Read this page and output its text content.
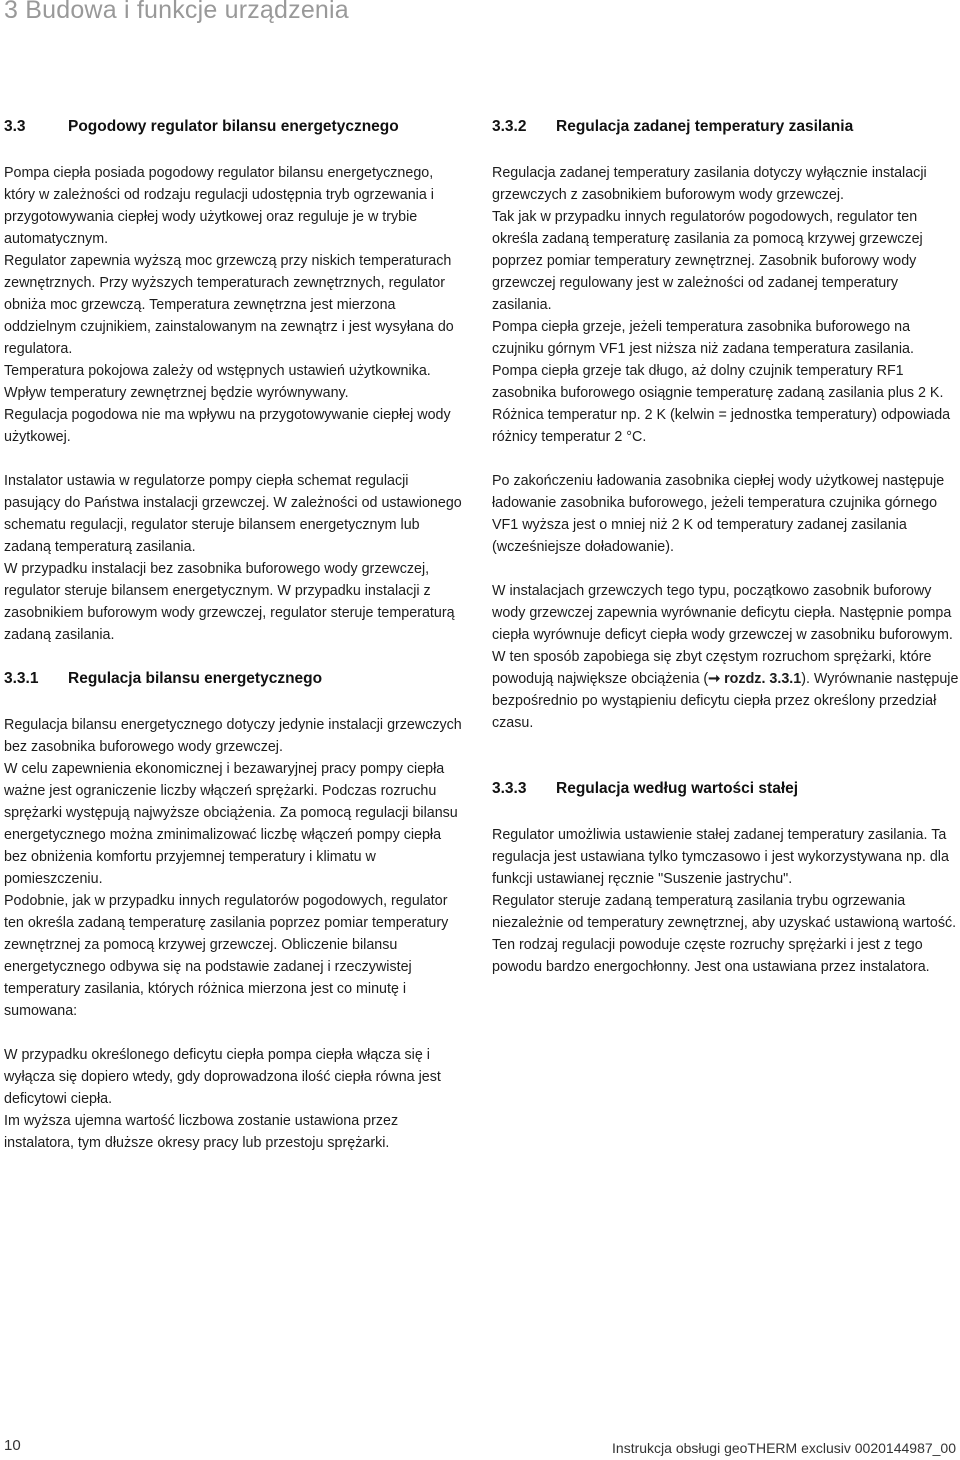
3 Budowa i funkcje urządzenia
3.3	Pogodowy regulator bilansu energetycznego

Pompa ciepła posiada pogodowy regulator bilansu energetycznego, który w zależności od rodzaju regulacji udostępnia tryb ogrzewania i przygotowywania ciepłej wody użytkowej oraz reguluje je w trybie automatycznym.

Regulator zapewnia wyższą moc grzewczą przy niskich temperaturach zewnętrznych. Przy wyższych temperaturach zewnętrznych, regulator obniża moc grzewczą. Temperatura zewnętrzna jest mierzona oddzielnym czujnikiem, zainstalowanym na zewnątrz i jest wysyłana do regulatora.

Temperatura pokojowa zależy od wstępnych ustawień użytkownika. Wpływ temperatury zewnętrznej będzie wyrównywany.

Regulacja pogodowa nie ma wpływu na przygotowywanie ciepłej wody użytkowej.

Instalator ustawia w regulatorze pompy ciepła schemat regulacji pasujący do Państwa instalacji grzewczej. W zależności od ustawionego schematu regulacji, regulator steruje bilansem energetycznym lub zadaną temperaturą zasilania.

W przypadku instalacji bez zasobnika buforowego wody grzewczej, regulator steruje bilansem energetycznym. W przypadku instalacji z zasobnikiem buforowym wody grzewczej, regulator steruje temperaturą zadaną zasilania.

3.3.1 Regulacja bilansu energetycznego

Regulacja bilansu energetycznego dotyczy jedynie instalacji grzewczych bez zasobnika buforowego wody grzewczej.

W celu zapewnienia ekonomicznej i bezawaryjnej pracy pompy ciepła ważne jest ograniczenie liczby włączeń sprężarki. Podczas rozruchu sprężarki występują najwyższe obciążenia. Za pomocą regulacji bilansu energetycznego można zminimalizować liczbę włączeń pompy ciepła bez obniżenia komfortu przyjemnej temperatury i klimatu w pomieszczeniu.

Podobnie, jak w przypadku innych regulatorów pogodowych, regulator ten określa zadaną temperaturę zasilania poprzez pomiar temperatury zewnętrznej za pomocą krzywej grzewczej. Obliczenie bilansu energetycznego odbywa się na podstawie zadanej i rzeczywistej temperatury zasilania, których różnica mierzona jest co minutę i sumowana:

W przypadku określonego deficytu ciepła pompa ciepła włącza się i wyłącza się dopiero wtedy, gdy doprowadzona ilość ciepła równa jest deficytowi ciepła.

Im wyższa ujemna wartość liczbowa zostanie ustawiona przez instalatora, tym dłuższe okresy pracy lub przestoju sprężarki.

3.3.2 Regulacja zadanej temperatury zasilania

Regulacja zadanej temperatury zasilania dotyczy wyłącznie instalacji grzewczych z zasobnikiem buforowym wody grzewczej.

Tak jak w przypadku innych regulatorów pogodowych, regulator ten określa zadaną temperaturę zasilania za pomocą krzywej grzewczej poprzez pomiar temperatury zewnętrznej. Zasobnik buforowy wody grzewczej regulowany jest w zależności od zadanej temperatury zasilania.

Pompa ciepła grzeje, jeżeli temperatura zasobnika buforowego na czujniku górnym VF1 jest niższa niż zadana temperatura zasilania. Pompa ciepła grzeje tak długo, aż dolny czujnik temperatury RF1 zasobnika buforowego osiągnie temperaturę zadaną zasilania plus 2 K.

Różnica temperatur np. 2 K (kelwin = jednostka temperatury) odpowiada różnicy temperatur 2 °C.

Po zakończeniu ładowania zasobnika ciepłej wody użytkowej następuje ładowanie zasobnika buforowego, jeżeli temperatura czujnika górnego VF1 wyższa jest o mniej niż 2 K od temperatury zadanej zasilania (wcześniejsze doładowanie).

W instalacjach grzewczych tego typu, początkowo zasobnik buforowy wody grzewczej zapewnia wyrównanie deficytu ciepła. Następnie pompa ciepła wyrównuje deficyt ciepła wody grzewczej w zasobniku buforowym. W ten sposób zapobiega się zbyt częstym rozruchom sprężarki, które powodują największe obciążenia (➞ rozdz. 3.3.1). Wyrównanie następuje bezpośrednio po wystąpieniu deficytu ciepła przez określony przedział czasu.

3.3.3 Regulacja według wartości stałej

Regulator umożliwia ustawienie stałej zadanej temperatury zasilania. Ta regulacja jest ustawiana tylko tymczasowo i jest wykorzystywana np. dla funkcji ustawianej ręcznie "Suszenie jastrychu".

Regulator steruje zadaną temperaturą zasilania trybu ogrzewania niezależnie od temperatury zewnętrznej, aby uzyskać ustawioną wartość. Ten rodzaj regulacji powoduje częste rozruchy sprężarki i jest z tego powodu bardzo energochłonny. Jest ona ustawiana przez instalatora.

10	Instrukcja obsługi geoTHERM exclusiv 0020144987_00
